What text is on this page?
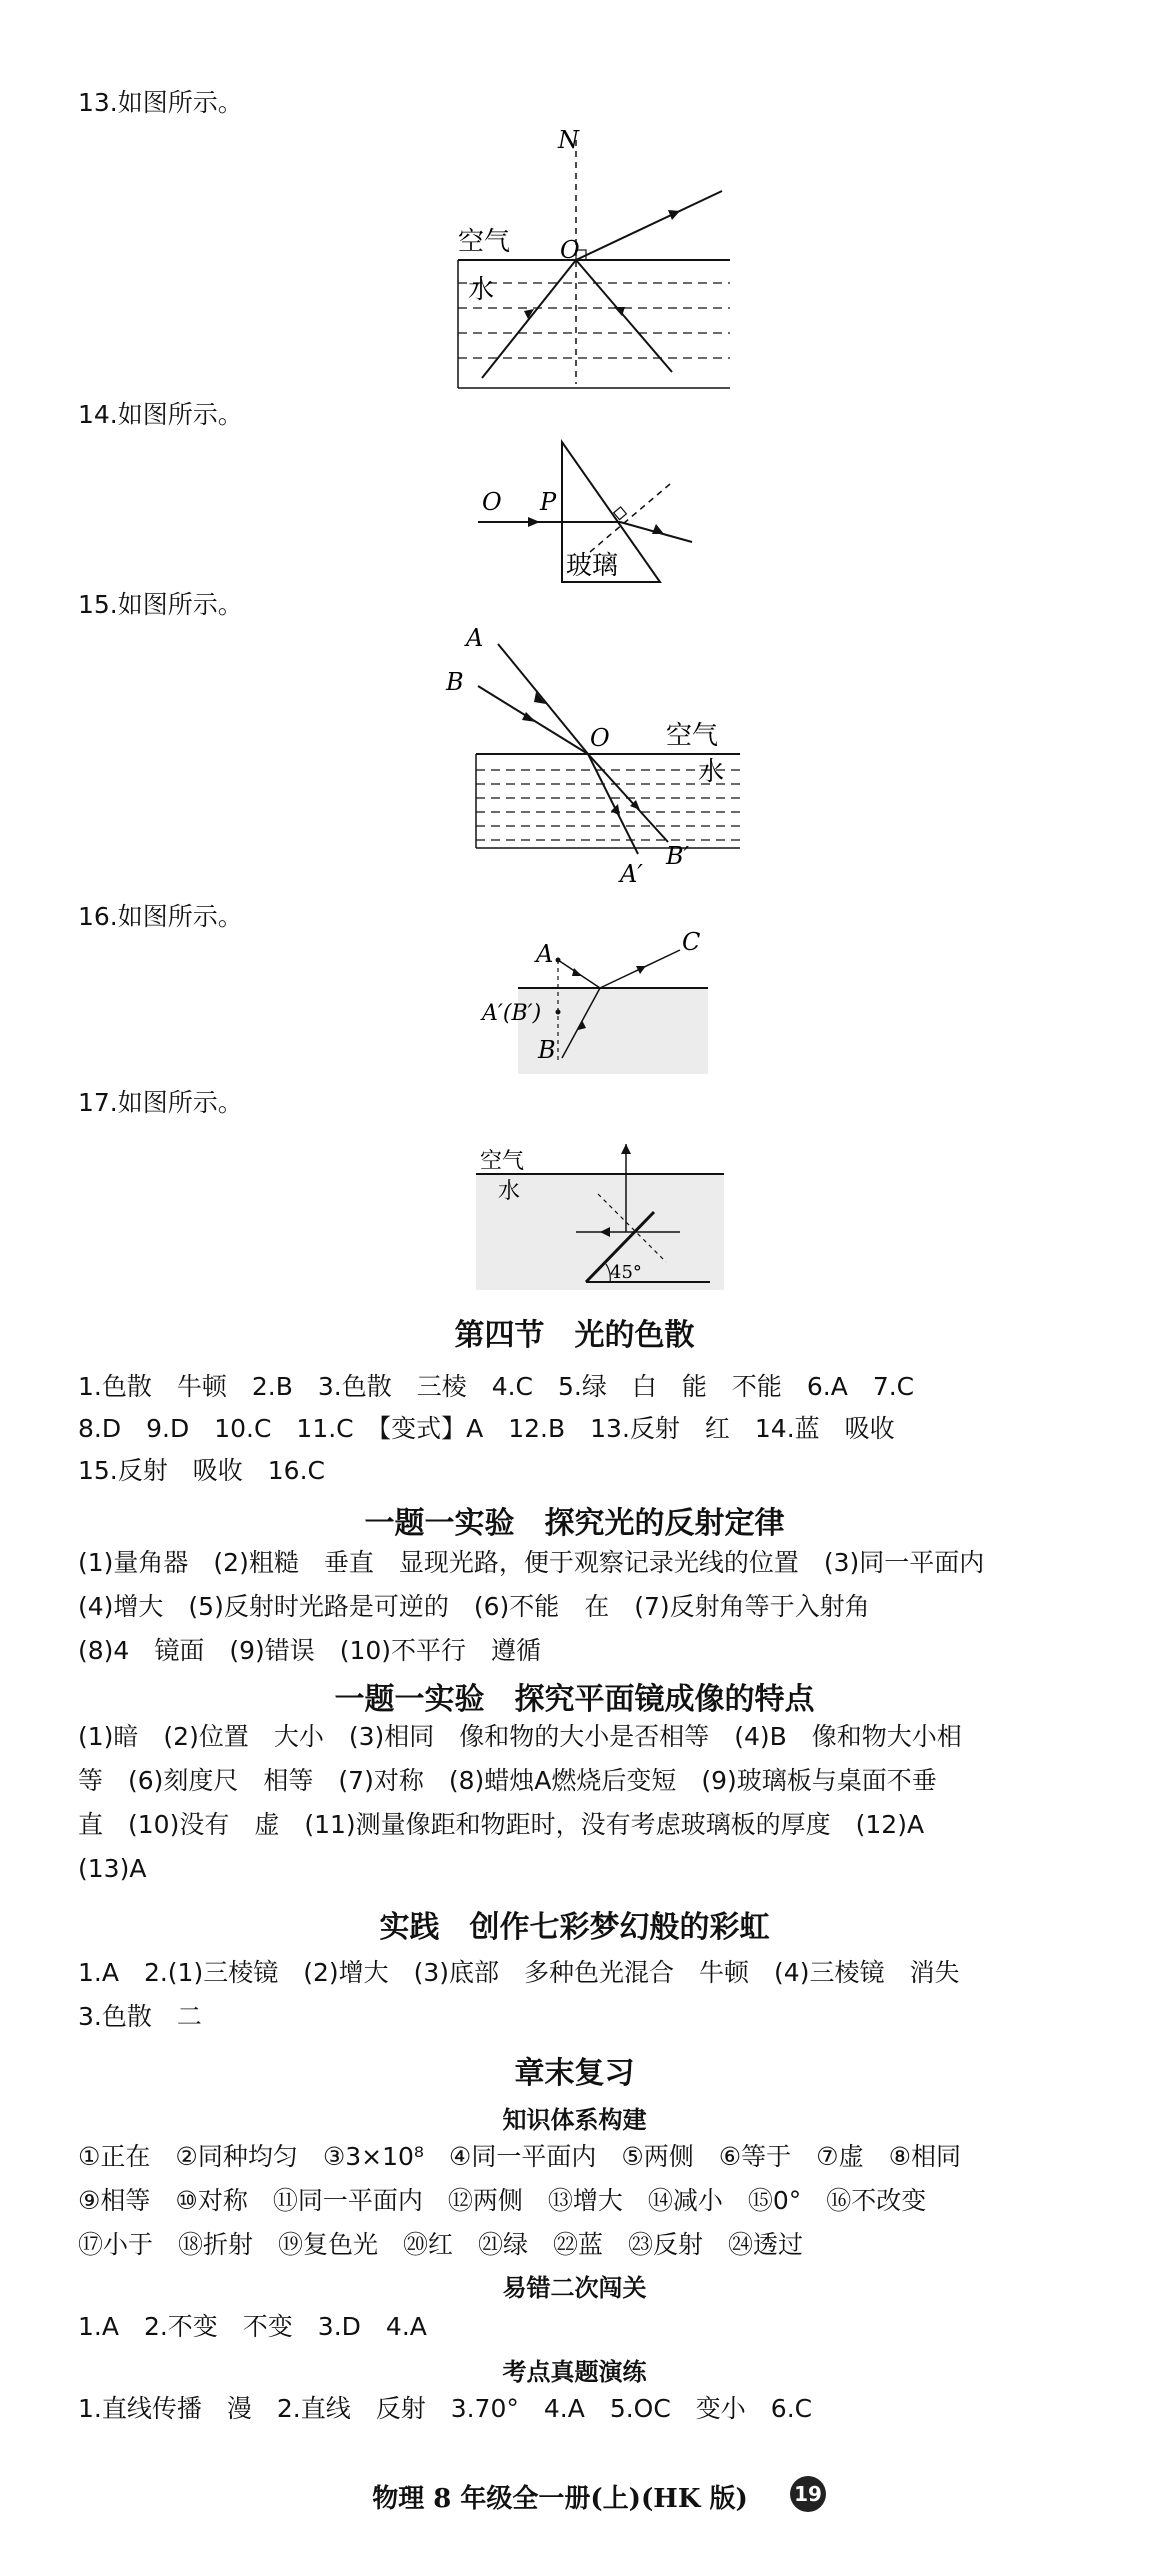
13.如图所示。
N
O
空气
水
14.如图所示。
O P
玻璃
15.如图所示。
A
B
O 空气
水
A′
B′
16.如图所示。
A	C
A′(B′)
B
17.如图所示。
空气
水
45°
第四节　光的色散
1.色散　牛顿　2.B　3.色散　三棱　4.C　5.绿　白　能　不能　6.A　7.C
8.D　9.D　10.C　11.C　【变式】A　12.B　13.反射　红　14.蓝　吸收
15.反射　吸收　16.C
一题一实验　探究光的反射定律
(1)量角器　(2)粗糙　垂直　显现光路，便于观察记录光线的位置　(3)同一平面内
(4)增大　(5)反射时光路是可逆的　(6)不能　在　(7)反射角等于入射角
(8)4　镜面　(9)错误　(10)不平行　遵循
一题一实验　探究平面镜成像的特点
(1)暗　(2)位置　大小　(3)相同　像和物的大小是否相等　(4)B　像和物大小相
等　(6)刻度尺　相等　(7)对称　(8)蜡烛A燃烧后变短　(9)玻璃板与桌面不垂
直　(10)没有　虚　(11)测量像距和物距时，没有考虑玻璃板的厚度　(12)A
(13)A
实践　创作七彩梦幻般的彩虹
1.A　2.(1)三棱镜　(2)增大　(3)底部　多种色光混合　牛顿　(4)三棱镜　消失
3.色散　二
章末复习
知识体系构建
①正在　②同种均匀　③3×10⁸　④同一平面内　⑤两侧　⑥等于　⑦虚　⑧相同
⑨相等　⑩对称　⑪同一平面内　⑫两侧　⑬增大　⑭减小　⑮0°　⑯不改变
⑰小于　⑱折射　⑲复色光　⑳红　㉑绿　㉒蓝　㉓反射　㉔透过
易错二次闯关
1.A　2.不变　不变　3.D　4.A
考点真题演练
1.直线传播　漫　2.直线　反射　3.70°　4.A　5.OC　变小　6.C
物理 8 年级全一册(上)(HK 版)	19
